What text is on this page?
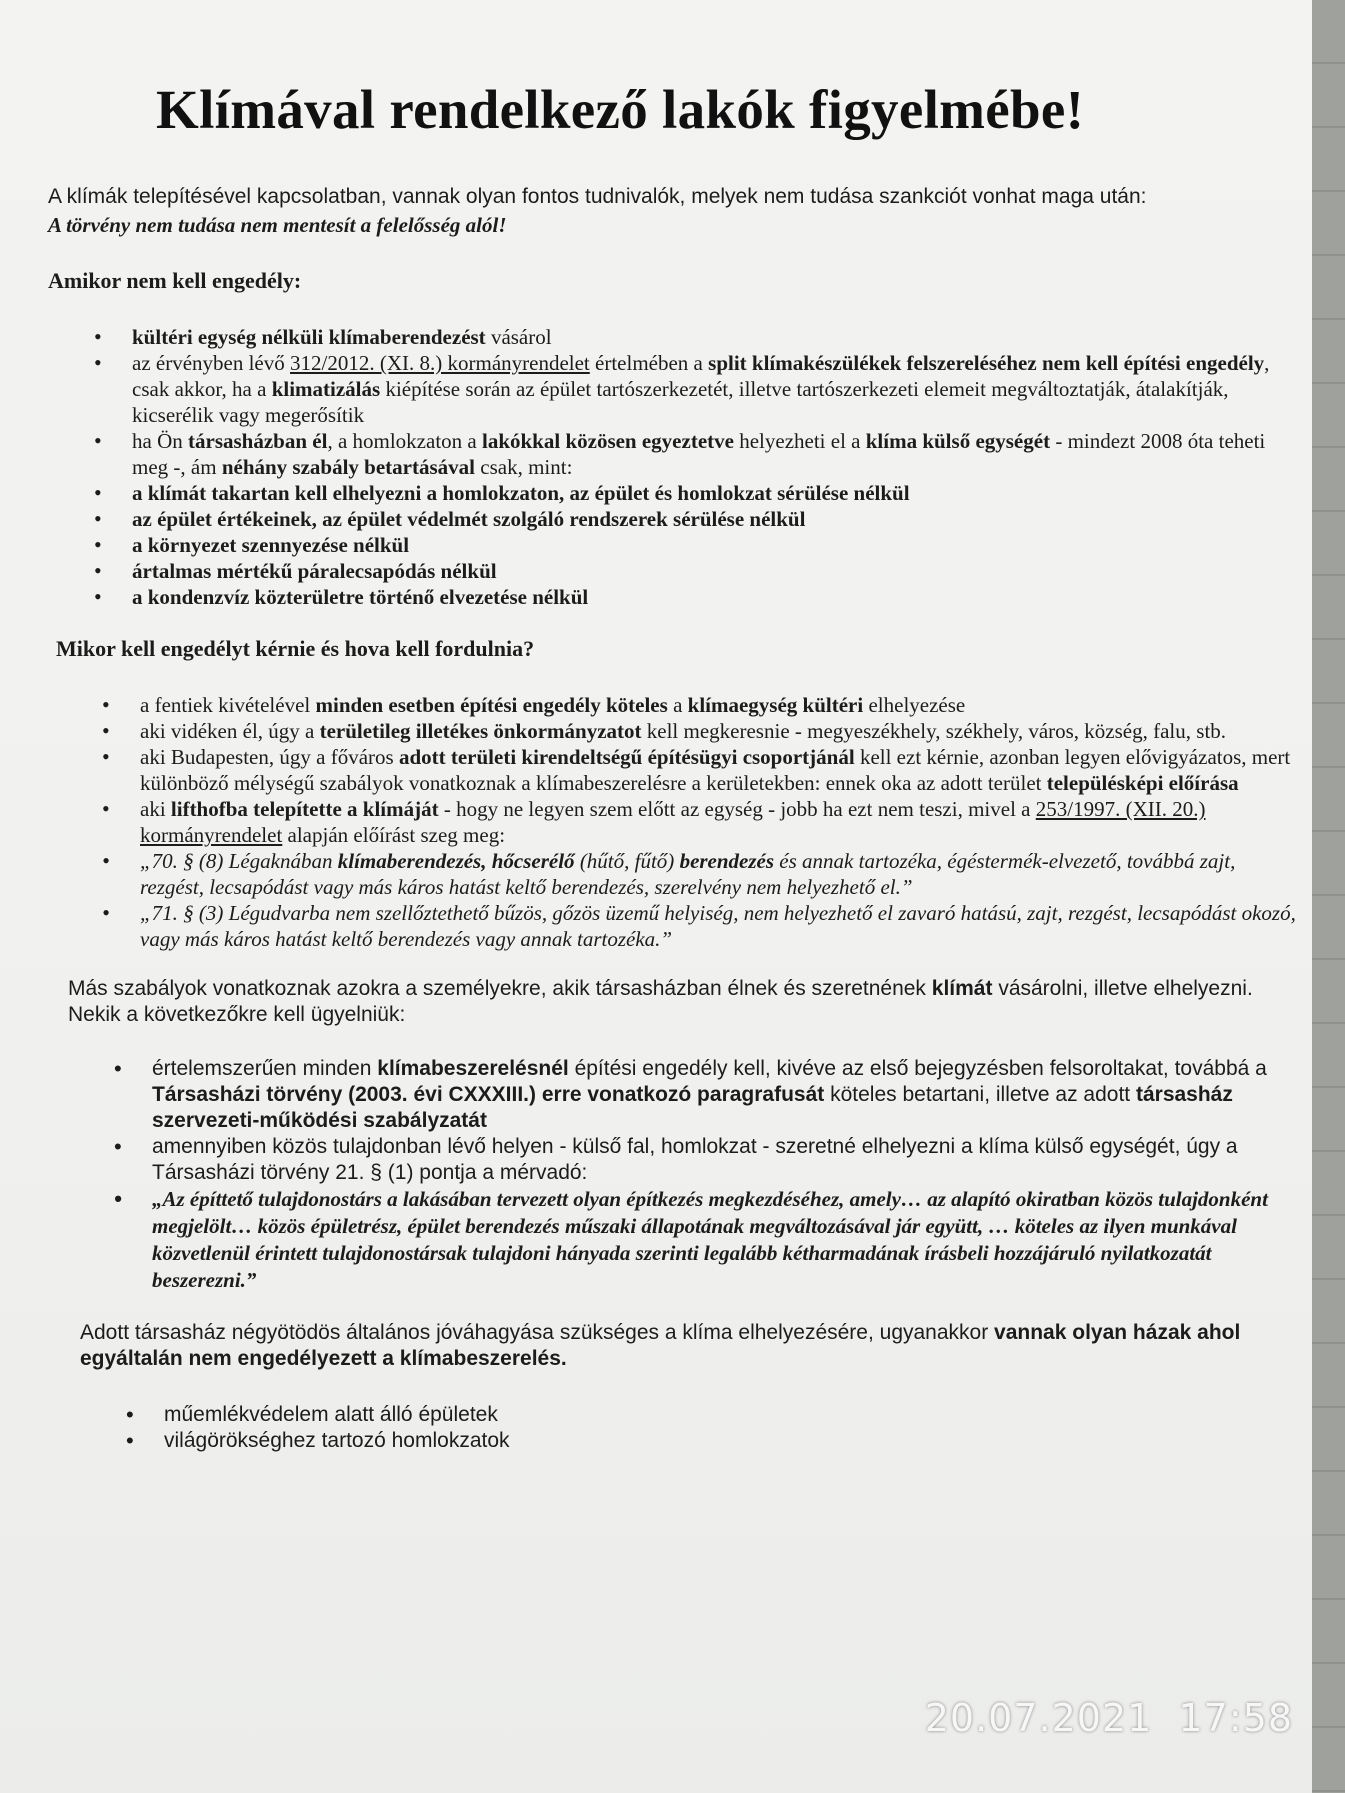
Klímával rendelkező lakók figyelmébe!

A klímák telepítésével kapcsolatban, vannak olyan fontos tudnivalók, melyek nem tudása szankciót vonhat maga után:

A törvény nem tudása nem mentesít a felelősség alól!

Amikor nem kell engedély:

• kültéri egység nélküli klímaberendezést vásárol
• az érvényben lévő 312/2012. (XI. 8.) kormányrendelet értelmében a split klímakészülékek felszereléséhez nem kell építési engedély, csak akkor, ha a klimatizálás kiépítése során az épület tartószerkezetét, illetve tartószerkezeti elemeit megváltoztatják, átalakítják, kicserélik vagy megerősítik
• ha Ön társasházban él, a homlokzaton a lakókkal közösen egyeztetve helyezheti el a klíma külső egységét - mindezt 2008 óta teheti meg -, ám néhány szabály betartásával csak, mint:
• a klímát takartan kell elhelyezni a homlokzaton, az épület és homlokzat sérülése nélkül
• az épület értékeinek, az épület védelmét szolgáló rendszerek sérülése nélkül
• a környezet szennyezése nélkül
• ártalmas mértékű páralecsapódás nélkül
• a kondenzvíz közterületre történő elvezetése nélkül

Mikor kell engedélyt kérnie és hova kell fordulnia?

• a fentiek kivételével minden esetben építési engedély köteles a klímaegység kültéri elhelyezése
• aki vidéken él, úgy a területileg illetékes önkormányzatot kell megkeresnie - megyeszékhely, székhely, város, község, falu, stb.
• aki Budapesten, úgy a főváros adott területi kirendeltségű építésügyi csoportjánál kell ezt kérnie, azonban legyen elővigyázatos, mert különböző mélységű szabályok vonatkoznak a klímabeszerelésre a kerületekben: ennek oka az adott terület településképi előírása
• aki lifthofba telepítette a klímáját - hogy ne legyen szem előtt az egység - jobb ha ezt nem teszi, mivel a 253/1997. (XII. 20.) kormányrendelet alapján előírást szeg meg:
• „70. § (8) Légaknában klímaberendezés, hőcserélő (hűtő, fűtő) berendezés és annak tartozéka, égéstermék-elvezető, továbbá zajt, rezgést, lecsapódást vagy más káros hatást keltő berendezés, szerelvény nem helyezhető el.”
• „71. § (3) Légudvarba nem szellőztethető bűzös, gőzös üzemű helyiség, nem helyezhető el zavaró hatású, zajt, rezgést, lecsapódást okozó, vagy más káros hatást keltő berendezés vagy annak tartozéka.”

Más szabályok vonatkoznak azokra a személyekre, akik társasházban élnek és szeretnének klímát vásárolni, illetve elhelyezni. Nekik a következőkre kell ügyelniük:

• értelemszerűen minden klímabeszerelésnél építési engedély kell, kivéve az első bejegyzésben felsoroltakat, továbbá a Társasházi törvény (2003. évi CXXXIII.) erre vonatkozó paragrafusát köteles betartani, illetve az adott társasház szervezeti-működési szabályzatát
• amennyiben közös tulajdonban lévő helyen - külső fal, homlokzat - szeretné elhelyezni a klíma külső egységét, úgy a Társasházi törvény 21. § (1) pontja a mérvadó:
• „Az építtető tulajdonostárs a lakásában tervezett olyan építkezés megkezdéséhez, amely… az alapító okiratban közös tulajdonként megjelölt… közös épületrész, épület berendezés műszaki állapotának megváltozásával jár együtt, … köteles az ilyen munkával közvetlenül érintett tulajdonostársak tulajdoni hányada szerinti legalább kétharmadának írásbeli hozzájáruló nyilatkozatát beszerezni.”

Adott társasház négyötödös általános jóváhagyása szükséges a klíma elhelyezésére, ugyanakkor vannak olyan házak ahol egyáltalán nem engedélyezett a klímabeszerelés.

• műemlékvédelem alatt álló épületek
• világörökséghez tartozó homlokzatok
20.07.2021  17:58
